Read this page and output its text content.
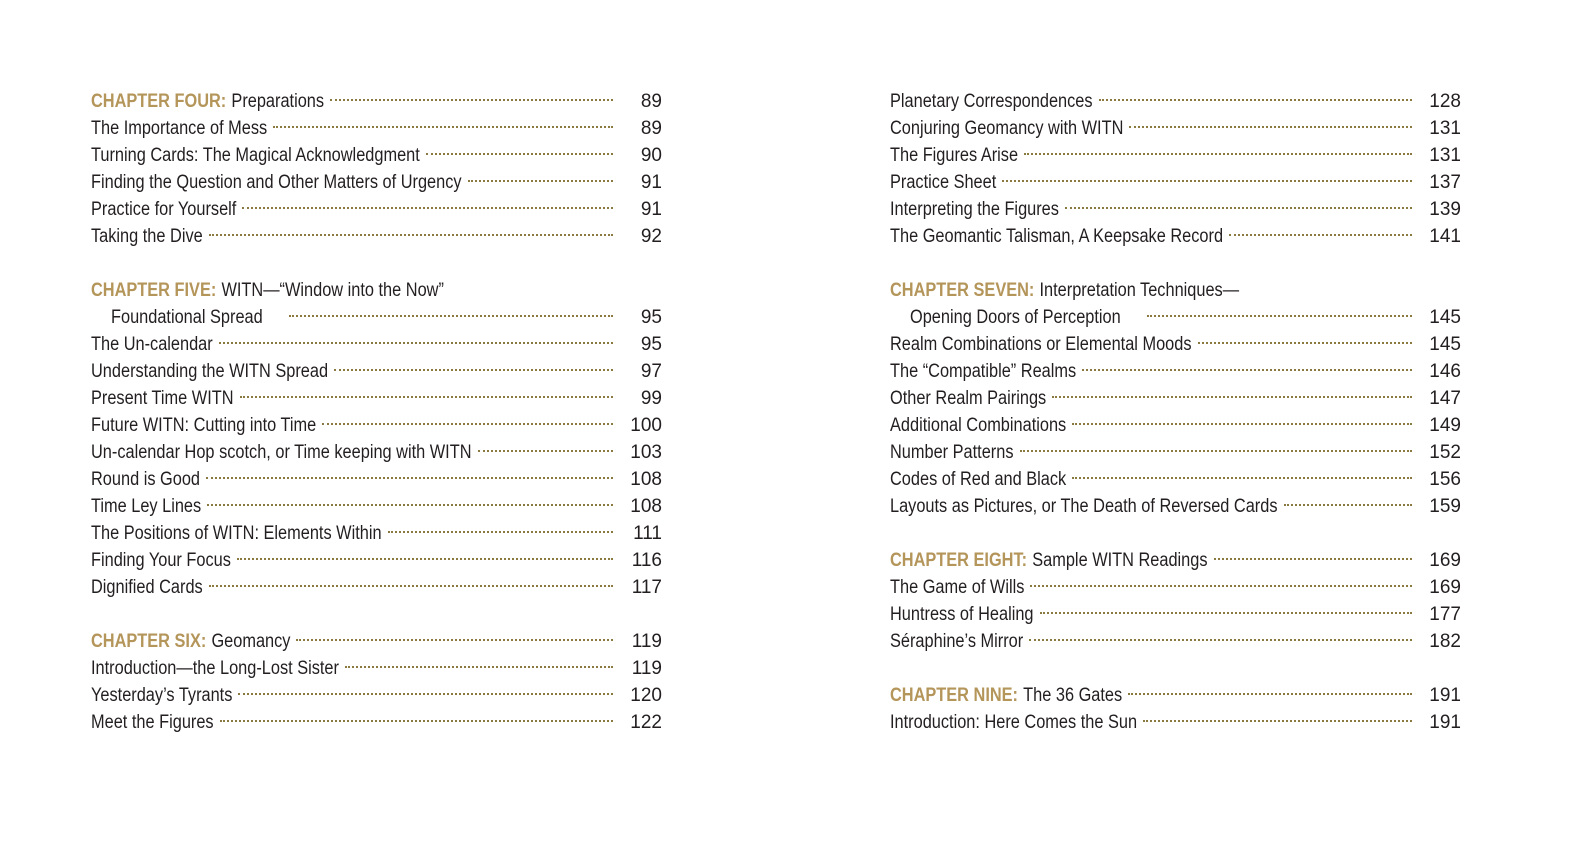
CHAPTER FOUR: Preparations	89
The Importance of Mess	89
Turning Cards: The Magical Acknowledgment	90
Finding the Question and Other Matters of Urgency	91
Practice for Yourself	91
Taking the Dive	92
CHAPTER FIVE: WITN—“Window into the Now”
Foundational Spread	95
The Un-calendar	95
Understanding the WITN Spread	97
Present Time WITN	99
Future WITN: Cutting into Time	100
Un-calendar Hop scotch, or Time keeping with WITN	103
Round is Good	108
Time Ley Lines	108
The Positions of WITN: Elements Within	111
Finding Your Focus	116
Dignified Cards	117
CHAPTER SIX: Geomancy	119
Introduction—the Long-Lost Sister	119
Yesterday’s Tyrants	120
Meet the Figures	122
Planetary Correspondences	128
Conjuring Geomancy with WITN	131
The Figures Arise	131
Practice Sheet	137
Interpreting the Figures	139
The Geomantic Talisman, A Keepsake Record	141
CHAPTER SEVEN: Interpretation Techniques—
Opening Doors of Perception	145
Realm Combinations or Elemental Moods	145
The “Compatible” Realms	146
Other Realm Pairings	147
Additional Combinations	149
Number Patterns	152
Codes of Red and Black	156
Layouts as Pictures, or The Death of Reversed Cards	159
CHAPTER EIGHT: Sample WITN Readings	169
The Game of Wills	169
Huntress of Healing	177
Séraphine’s Mirror	182
CHAPTER NINE: The 36 Gates	191
Introduction: Here Comes the Sun	191
